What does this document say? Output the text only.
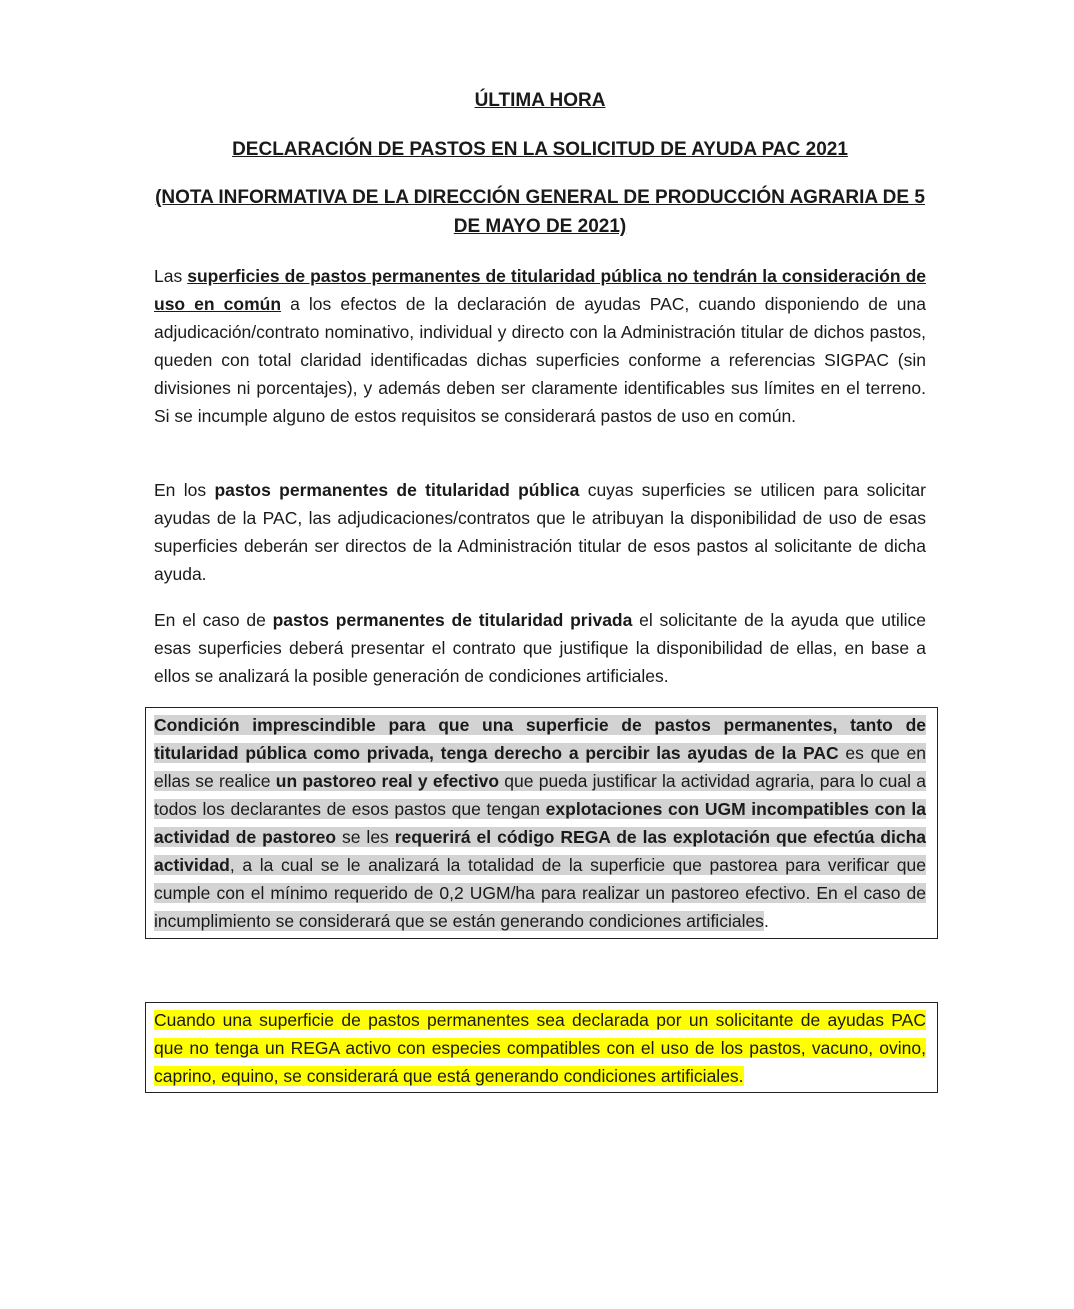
ÚLTIMA HORA

DECLARACIÓN DE PASTOS EN LA SOLICITUD DE AYUDA PAC 2021

(NOTA INFORMATIVA DE LA DIRECCIÓN GENERAL DE PRODUCCIÓN AGRARIA DE 5 DE MAYO DE 2021)

Las superficies de pastos permanentes de titularidad pública no tendrán la consideración de uso en común a los efectos de la declaración de ayudas PAC, cuando disponiendo de una adjudicación/contrato nominativo, individual y directo con la Administración titular de dichos pastos, queden con total claridad identificadas dichas superficies conforme a referencias SIGPAC (sin divisiones ni porcentajes), y además deben ser claramente identificables sus límites en el terreno. Si se incumple alguno de estos requisitos se considerará pastos de uso en común.

En los pastos permanentes de titularidad pública cuyas superficies se utilicen para solicitar ayudas de la PAC, las adjudicaciones/contratos que le atribuyan la disponibilidad de uso de esas superficies deberán ser directos de la Administración titular de esos pastos al solicitante de dicha ayuda.

En el caso de pastos permanentes de titularidad privada el solicitante de la ayuda que utilice esas superficies deberá presentar el contrato que justifique la disponibilidad de ellas, en base a ellos se analizará la posible generación de condiciones artificiales.

Condición imprescindible para que una superficie de pastos permanentes, tanto de titularidad pública como privada, tenga derecho a percibir las ayudas de la PAC es que en ellas se realice un pastoreo real y efectivo que pueda justificar la actividad agraria, para lo cual a todos los declarantes de esos pastos que tengan explotaciones con UGM incompatibles con la actividad de pastoreo se les requerirá el código REGA de las explotación que efectúa dicha actividad, a la cual se le analizará la totalidad de la superficie que pastorea para verificar que cumple con el mínimo requerido de 0,2 UGM/ha para realizar un pastoreo efectivo. En el caso de incumplimiento se considerará que se están generando condiciones artificiales.

Cuando una superficie de pastos permanentes sea declarada por un solicitante de ayudas PAC que no tenga un REGA activo con especies compatibles con el uso de los pastos, vacuno, ovino, caprino, equino, se considerará que está generando condiciones artificiales.
